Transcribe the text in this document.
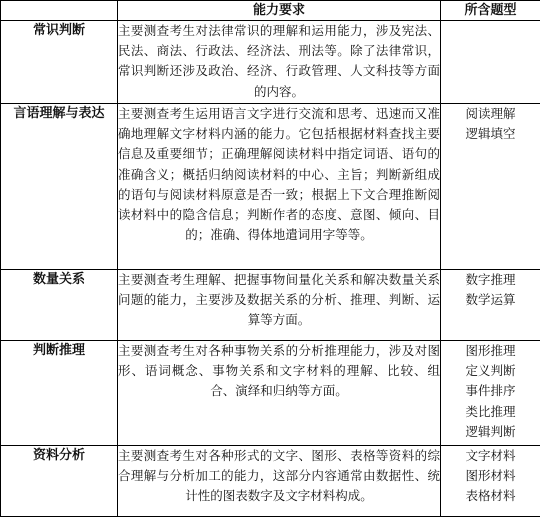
	能力要求	所含题型
常识判断	主要测查考生对法律常识的理解和运用能力，涉及宪法、民法、商法、行政法、经济法、刑法等。除了法律常识，常识判断还涉及政治、经济、行政管理、人文科技等方面的内容。	
言语理解与表达	主要测查考生运用语言文字进行交流和思考、迅速而又准确地理解文字材料内涵的能力。它包括根据材料查找主要信息及重要细节；正确理解阅读材料中指定词语、语句的准确含义；概括归纳阅读材料的中心、主旨；判断新组成的语句与阅读材料原意是否一致；根据上下文合理推断阅读材料中的隐含信息；判断作者的态度、意图、倾向、目的；准确、得体地遣词用字等等。	阅读理解
逻辑填空

数量关系	主要测查考生理解、把握事物间量化关系和解决数量关系问题的能力，主要涉及数据关系的分析、推理、判断、运算等方面。	数字推理
数学运算

判断推理	主要测查考生对各种事物关系的分析推理能力，涉及对图形、语词概念、事物关系和文字材料的理解、比较、组合、演绎和归纳等方面。	图形推理
定义判断
事件排序
类比推理
逻辑判断

资料分析	主要测查考生对各种形式的文字、图形、表格等资料的综合理解与分析加工的能力，这部分内容通常由数据性、统计性的图表数字及文字材料构成。	文字材料
图形材料
表格材料
